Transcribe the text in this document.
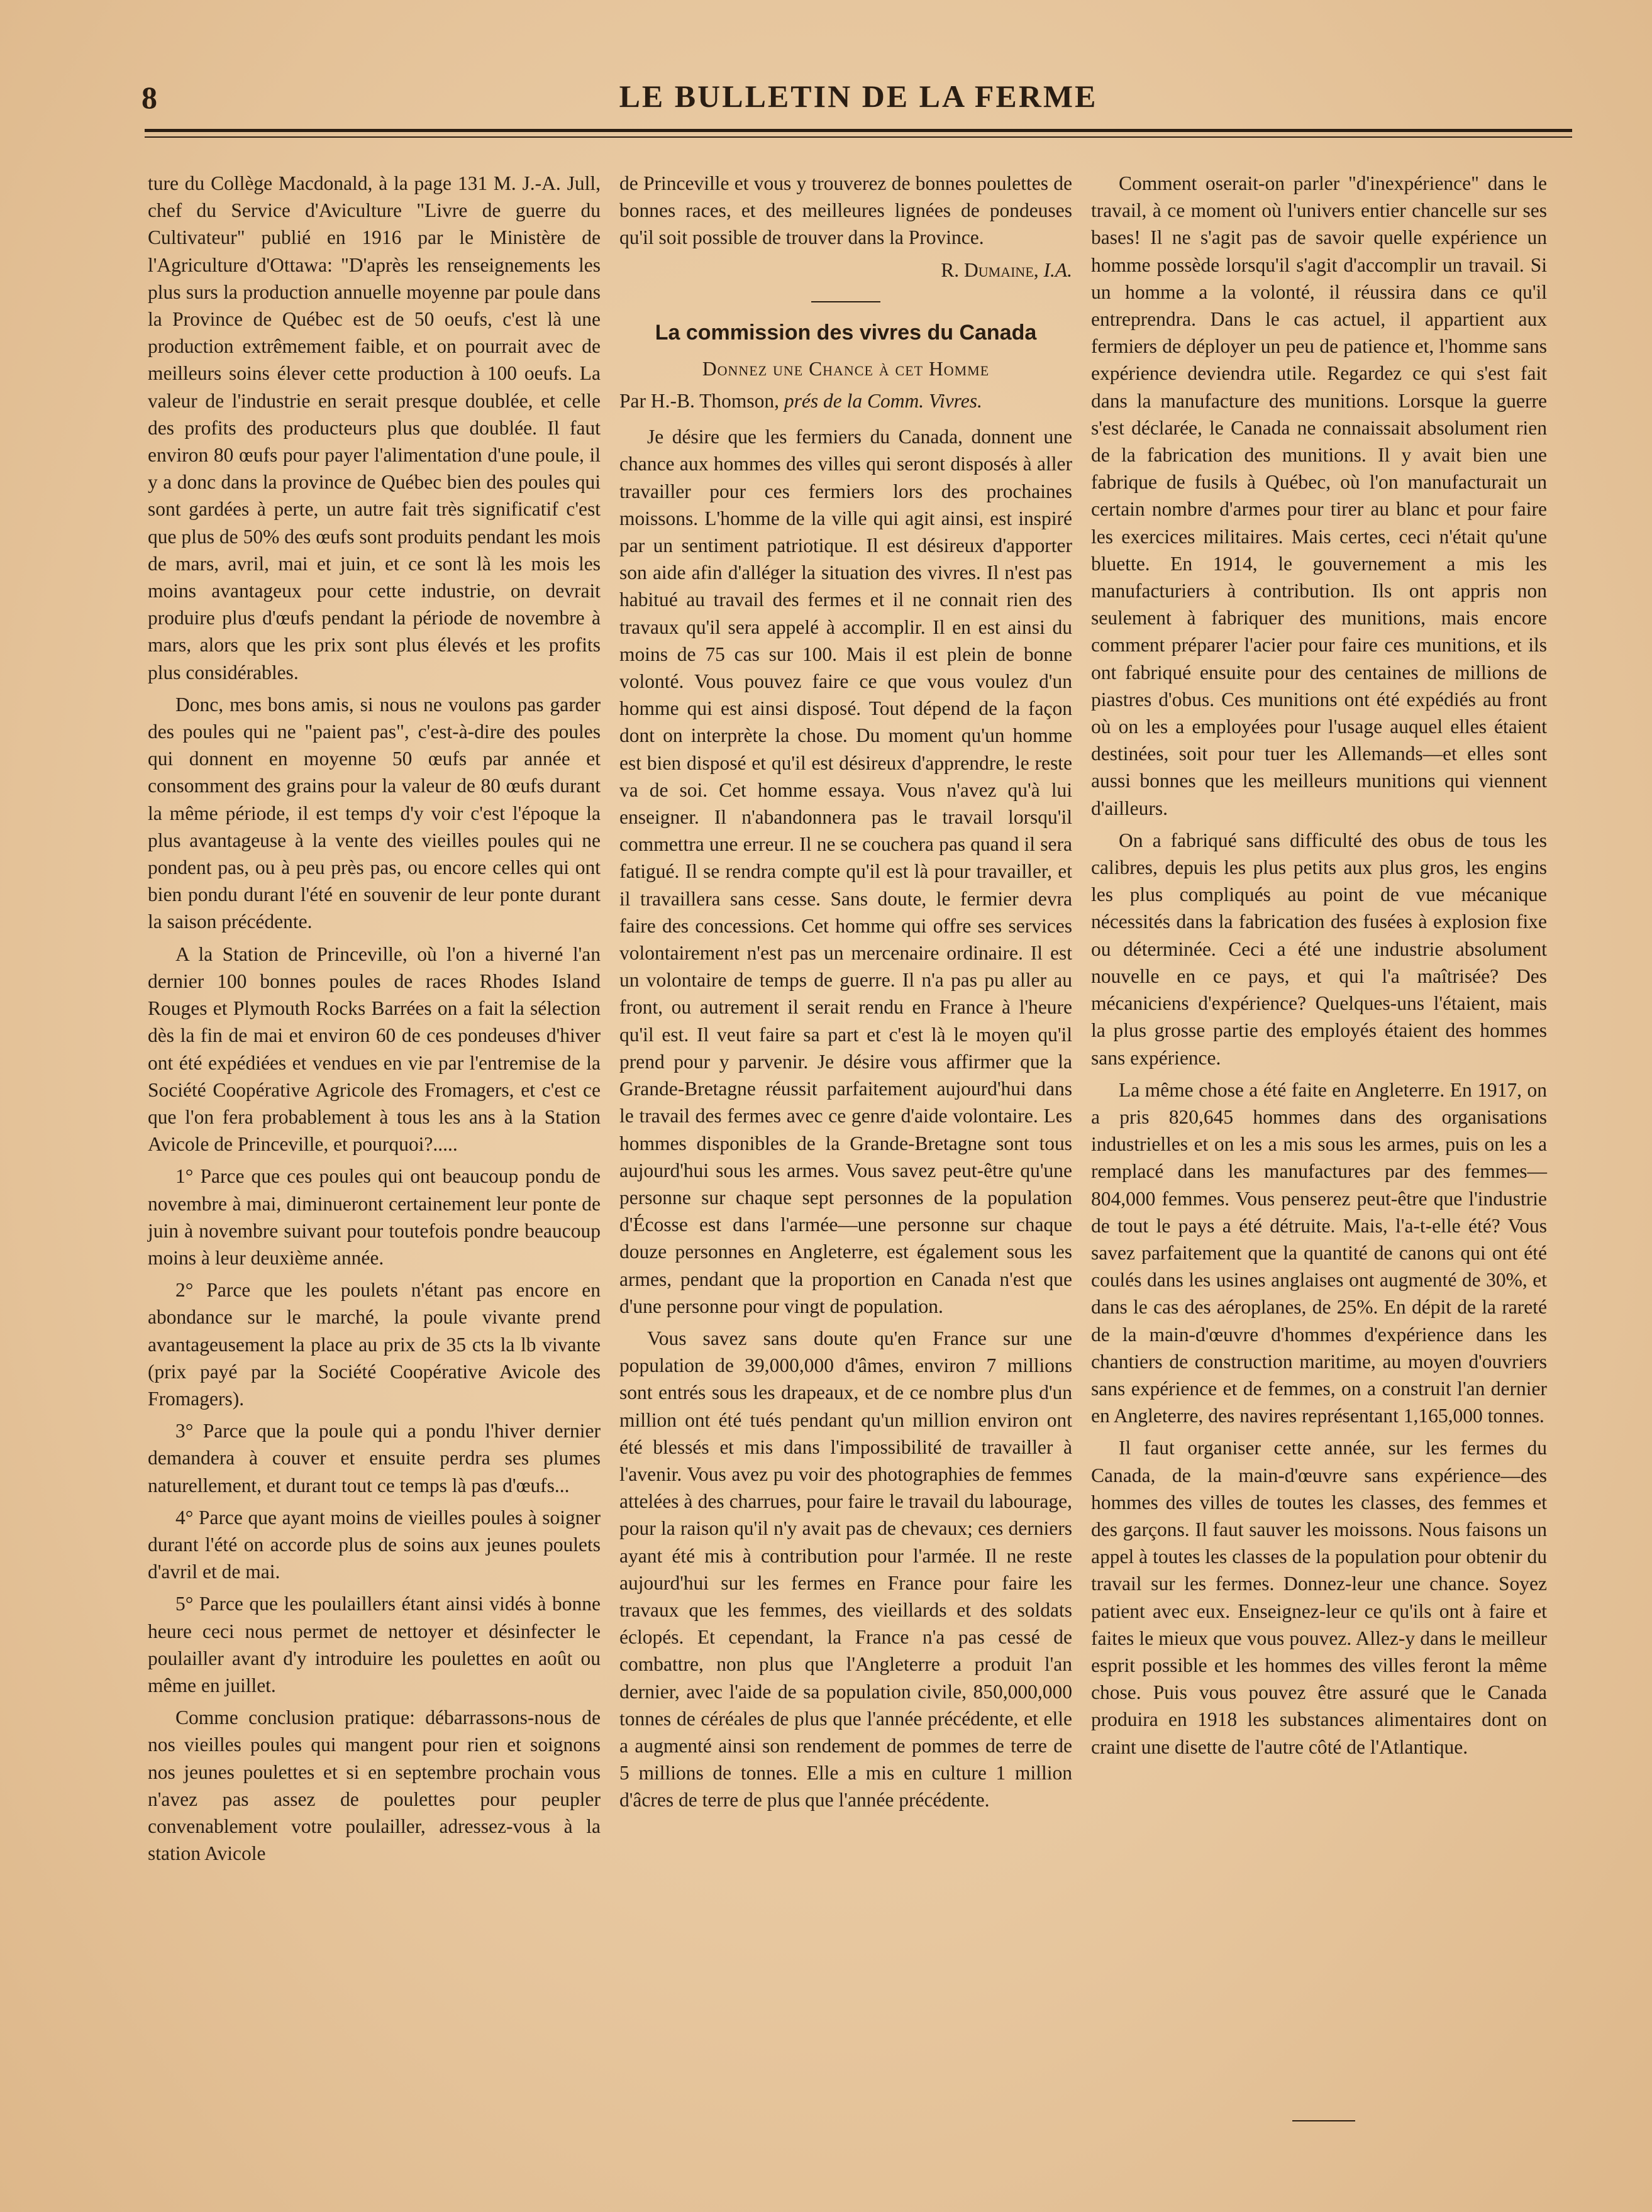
8	LE BULLETIN DE LA FERME

ture du Collège Macdonald, à la page 131 M. J.-A. Jull, chef du Service d'Aviculture "Livre de guerre du Cultivateur" publié en 1916 par le Ministère de l'Agriculture d'Ottawa: "D'après les renseignements les plus surs la production annuelle moyenne par poule dans la Province de Québec est de 50 oeufs, c'est là une production extrêmement faible, et on pourrait avec de meilleurs soins élever cette production à 100 oeufs. La valeur de l'industrie en serait presque doublée, et celle des profits des producteurs plus que doublée. Il faut environ 80 œufs pour payer l'alimentation d'une poule, il y a donc dans la province de Québec bien des poules qui sont gardées à perte, un autre fait très significatif c'est que plus de 50% des œufs sont produits pendant les mois de mars, avril, mai et juin, et ce sont là les mois les moins avantageux pour cette industrie, on devrait produire plus d'œufs pendant la période de novembre à mars, alors que les prix sont plus élevés et les profits plus considérables.

Donc, mes bons amis, si nous ne voulons pas garder des poules qui ne "paient pas", c'est-à-dire des poules qui donnent en moyenne 50 œufs par année et consomment des grains pour la valeur de 80 œufs durant la même période, il est temps d'y voir c'est l'époque la plus avantageuse à la vente des vieilles poules qui ne pondent pas, ou à peu près pas, ou encore celles qui ont bien pondu durant l'été en souvenir de leur ponte durant la saison précédente.

A la Station de Princeville, où l'on a hiverné l'an dernier 100 bonnes poules de races Rhodes Island Rouges et Plymouth Rocks Barrées on a fait la sélection dès la fin de mai et environ 60 de ces pondeuses d'hiver ont été expédiées et vendues en vie par l'entremise de la Société Coopérative Agricole des Fromagers, et c'est ce que l'on fera probablement à tous les ans à la Station Avicole de Princeville, et pourquoi?.....

1° Parce que ces poules qui ont beaucoup pondu de novembre à mai, diminueront certainement leur ponte de juin à novembre suivant pour toutefois pondre beaucoup moins à leur deuxième année.

2° Parce que les poulets n'étant pas encore en abondance sur le marché, la poule vivante prend avantageusement la place au prix de 35 cts la lb vivante (prix payé par la Société Coopérative Avicole des Fromagers).

3° Parce que la poule qui a pondu l'hiver dernier demandera à couver et ensuite perdra ses plumes naturellement, et durant tout ce temps là pas d'œufs...

4° Parce que ayant moins de vieilles poules à soigner durant l'été on accorde plus de soins aux jeunes poulets d'avril et de mai.

5° Parce que les poulaillers étant ainsi vidés à bonne heure ceci nous permet de nettoyer et désinfecter le poulailler avant d'y introduire les poulettes en août ou même en juillet.

Comme conclusion pratique: débarrassons-nous de nos vieilles poules qui mangent pour rien et soignons nos jeunes poulettes et si en septembre prochain vous n'avez pas assez de poulettes pour peupler convenablement votre poulailler, adressez-vous à la station Avicole

de Princeville et vous y trouverez de bonnes poulettes de bonnes races, et des meilleures lignées de pondeuses qu'il soit possible de trouver dans la Province.

R. Dumaine, I.A.

La commission des vivres du Canada

Donnez une Chance à cet Homme

Par H.-B. Thomson, prés de la Comm. Vivres.

Je désire que les fermiers du Canada, donnent une chance aux hommes des villes qui seront disposés à aller travailler pour ces fermiers lors des prochaines moissons. L'homme de la ville qui agit ainsi, est inspiré par un sentiment patriotique. Il est désireux d'apporter son aide afin d'alléger la situation des vivres. Il n'est pas habitué au travail des fermes et il ne connait rien des travaux qu'il sera appelé à accomplir. Il en est ainsi du moins de 75 cas sur 100. Mais il est plein de bonne volonté. Vous pouvez faire ce que vous voulez d'un homme qui est ainsi disposé. Tout dépend de la façon dont on interprète la chose. Du moment qu'un homme est bien disposé et qu'il est désireux d'apprendre, le reste va de soi. Cet homme essaya. Vous n'avez qu'à lui enseigner. Il n'abandonnera pas le travail lorsqu'il commettra une erreur. Il ne se couchera pas quand il sera fatigué. Il se rendra compte qu'il est là pour travailler, et il travaillera sans cesse. Sans doute, le fermier devra faire des concessions. Cet homme qui offre ses services volontairement n'est pas un mercenaire ordinaire. Il est un volontaire de temps de guerre. Il n'a pas pu aller au front, ou autrement il serait rendu en France à l'heure qu'il est. Il veut faire sa part et c'est là le moyen qu'il prend pour y parvenir. Je désire vous affirmer que la Grande-Bretagne réussit parfaitement aujourd'hui dans le travail des fermes avec ce genre d'aide volontaire. Les hommes disponibles de la Grande-Bretagne sont tous aujourd'hui sous les armes. Vous savez peut-être qu'une personne sur chaque sept personnes de la population d'Écosse est dans l'armée—une personne sur chaque douze personnes en Angleterre, est également sous les armes, pendant que la proportion en Canada n'est que d'une personne pour vingt de population.

Vous savez sans doute qu'en France sur une population de 39,000,000 d'âmes, environ 7 millions sont entrés sous les drapeaux, et de ce nombre plus d'un million ont été tués pendant qu'un million environ ont été blessés et mis dans l'impossibilité de travailler à l'avenir. Vous avez pu voir des photographies de femmes attelées à des charrues, pour faire le travail du labourage, pour la raison qu'il n'y avait pas de chevaux; ces derniers ayant été mis à contribution pour l'armée. Il ne reste aujourd'hui sur les fermes en France pour faire les travaux que les femmes, des vieillards et des soldats éclopés. Et cependant, la France n'a pas cessé de combattre, non plus que l'Angleterre a produit l'an dernier, avec l'aide de sa population civile, 850,000,000 tonnes de céréales de plus que l'année précédente, et elle a augmenté ainsi son rendement de pommes de terre de 5 millions de tonnes. Elle a mis en culture 1 million d'âcres de terre de plus que l'année précédente.

Comment oserait-on parler "d'inexpérience" dans le travail, à ce moment où l'univers entier chancelle sur ses bases! Il ne s'agit pas de savoir quelle expérience un homme possède lorsqu'il s'agit d'accomplir un travail. Si un homme a la volonté, il réussira dans ce qu'il entreprendra. Dans le cas actuel, il appartient aux fermiers de déployer un peu de patience et, l'homme sans expérience deviendra utile. Regardez ce qui s'est fait dans la manufacture des munitions. Lorsque la guerre s'est déclarée, le Canada ne connaissait absolument rien de la fabrication des munitions. Il y avait bien une fabrique de fusils à Québec, où l'on manufacturait un certain nombre d'armes pour tirer au blanc et pour faire les exercices militaires. Mais certes, ceci n'était qu'une bluette. En 1914, le gouvernement a mis les manufacturiers à contribution. Ils ont appris non seulement à fabriquer des munitions, mais encore comment préparer l'acier pour faire ces munitions, et ils ont fabriqué ensuite pour des centaines de millions de piastres d'obus. Ces munitions ont été expédiés au front où on les a employées pour l'usage auquel elles étaient destinées, soit pour tuer les Allemands—et elles sont aussi bonnes que les meilleurs munitions qui viennent d'ailleurs.

On a fabriqué sans difficulté des obus de tous les calibres, depuis les plus petits aux plus gros, les engins les plus compliqués au point de vue mécanique nécessités dans la fabrication des fusées à explosion fixe ou déterminée. Ceci a été une industrie absolument nouvelle en ce pays, et qui l'a maîtrisée? Des mécaniciens d'expérience? Quelques-uns l'étaient, mais la plus grosse partie des employés étaient des hommes sans expérience.

La même chose a été faite en Angleterre. En 1917, on a pris 820,645 hommes dans des organisations industrielles et on les a mis sous les armes, puis on les a remplacé dans les manufactures par des femmes—804,000 femmes. Vous penserez peut-être que l'industrie de tout le pays a été détruite. Mais, l'a-t-elle été? Vous savez parfaitement que la quantité de canons qui ont été coulés dans les usines anglaises ont augmenté de 30%, et dans le cas des aéroplanes, de 25%. En dépit de la rareté de la main-d'œuvre d'hommes d'expérience dans les chantiers de construction maritime, au moyen d'ouvriers sans expérience et de femmes, on a construit l'an dernier en Angleterre, des navires représentant 1,165,000 tonnes.

Il faut organiser cette année, sur les fermes du Canada, de la main-d'œuvre sans expérience—des hommes des villes de toutes les classes, des femmes et des garçons. Il faut sauver les moissons. Nous faisons un appel à toutes les classes de la population pour obtenir du travail sur les fermes. Donnez-leur une chance. Soyez patient avec eux. Enseignez-leur ce qu'ils ont à faire et faites le mieux que vous pouvez. Allez-y dans le meilleur esprit possible et les hommes des villes feront la même chose. Puis vous pouvez être assuré que le Canada produira en 1918 les substances alimentaires dont on craint une disette de l'autre côté de l'Atlantique.
